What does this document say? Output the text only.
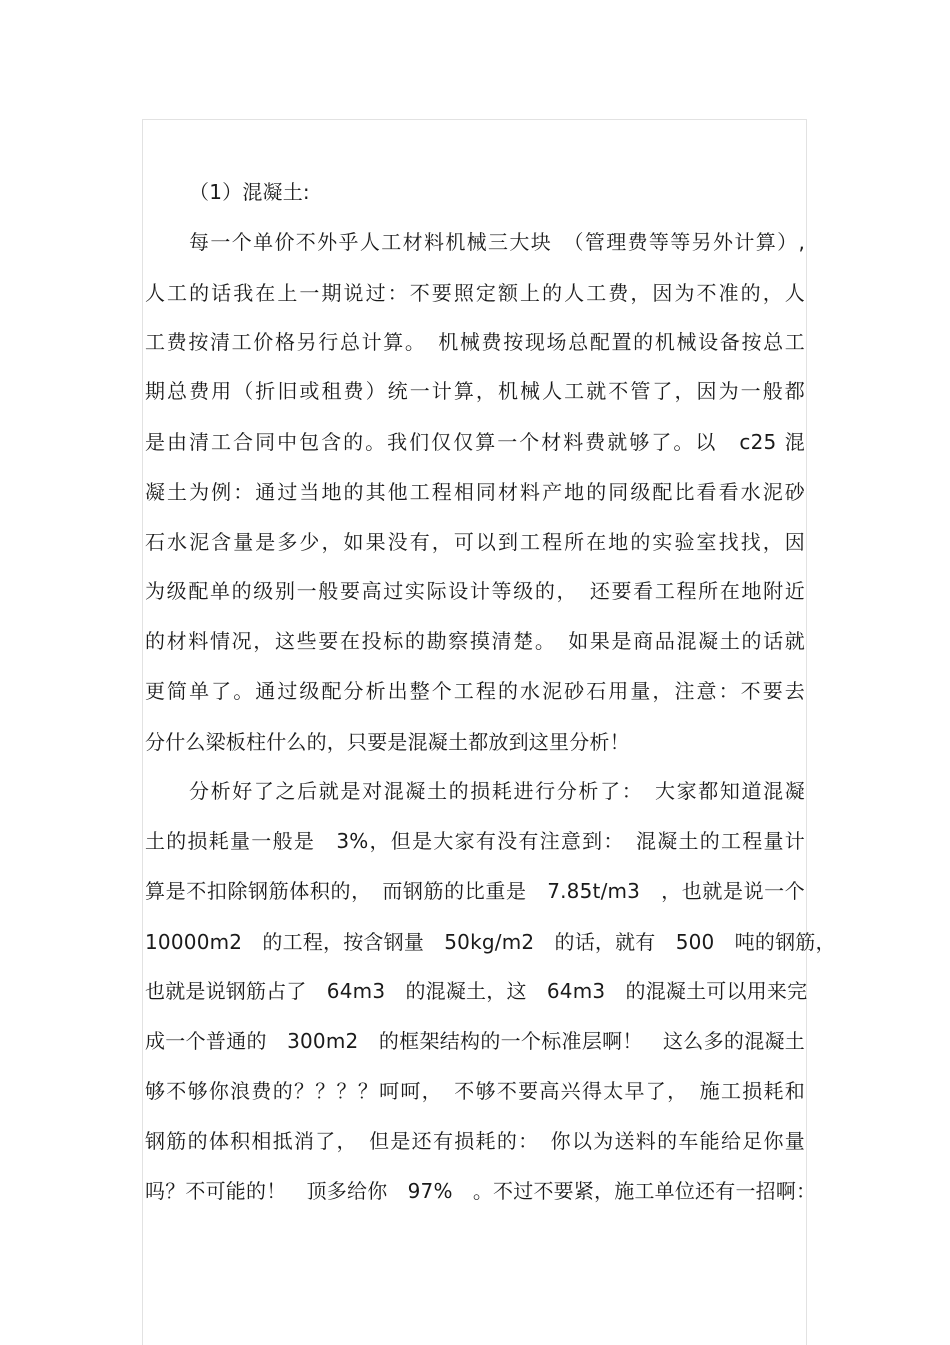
（1）混凝土:
每一个单价不外乎人工材料机械三大块　（管理费等等另外计算）,
人工的话我在上一期说过：不要照定额上的人工费，因为不准的，人
工费按清工价格另行总计算。　机械费按现场总配置的机械设备按总工
期总费用（折旧或租费）统一计算，机械人工就不管了，因为一般都
是由清工合同中包含的。我们仅仅算一个材料费就够了。以　c25 混
凝土为例：通过当地的其他工程相同材料产地的同级配比看看水泥砂
石水泥含量是多少，如果没有，可以到工程所在地的实验室找找，因
为级配单的级别一般要高过实际设计等级的，　还要看工程所在地附近
的材料情况，这些要在投标的勘察摸清楚。　如果是商品混凝土的话就
更简单了。通过级配分析出整个工程的水泥砂石用量，注意：不要去
分什么梁板柱什么的，只要是混凝土都放到这里分析！
分析好了之后就是对混凝土的损耗进行分析了：　大家都知道混凝
土的损耗量一般是　3%，但是大家有没有注意到：　混凝土的工程量计
算是不扣除钢筋体积的，　而钢筋的比重是　7.85t/m3　，也就是说一个
10000m2　的工程，按含钢量　50kg/m2　的话，就有　500　吨的钢筋，
也就是说钢筋占了　64m3　的混凝土，这　64m3　的混凝土可以用来完
成一个普通的　300m2　的框架结构的一个标准层啊！　这么多的混凝土
够不够你浪费的？？？？呵呵，　不够不要高兴得太早了，　施工损耗和
钢筋的体积相抵消了，　但是还有损耗的：　你以为送料的车能给足你量
吗？不可能的！　顶多给你　97%　。不过不要紧，施工单位还有一招啊：
